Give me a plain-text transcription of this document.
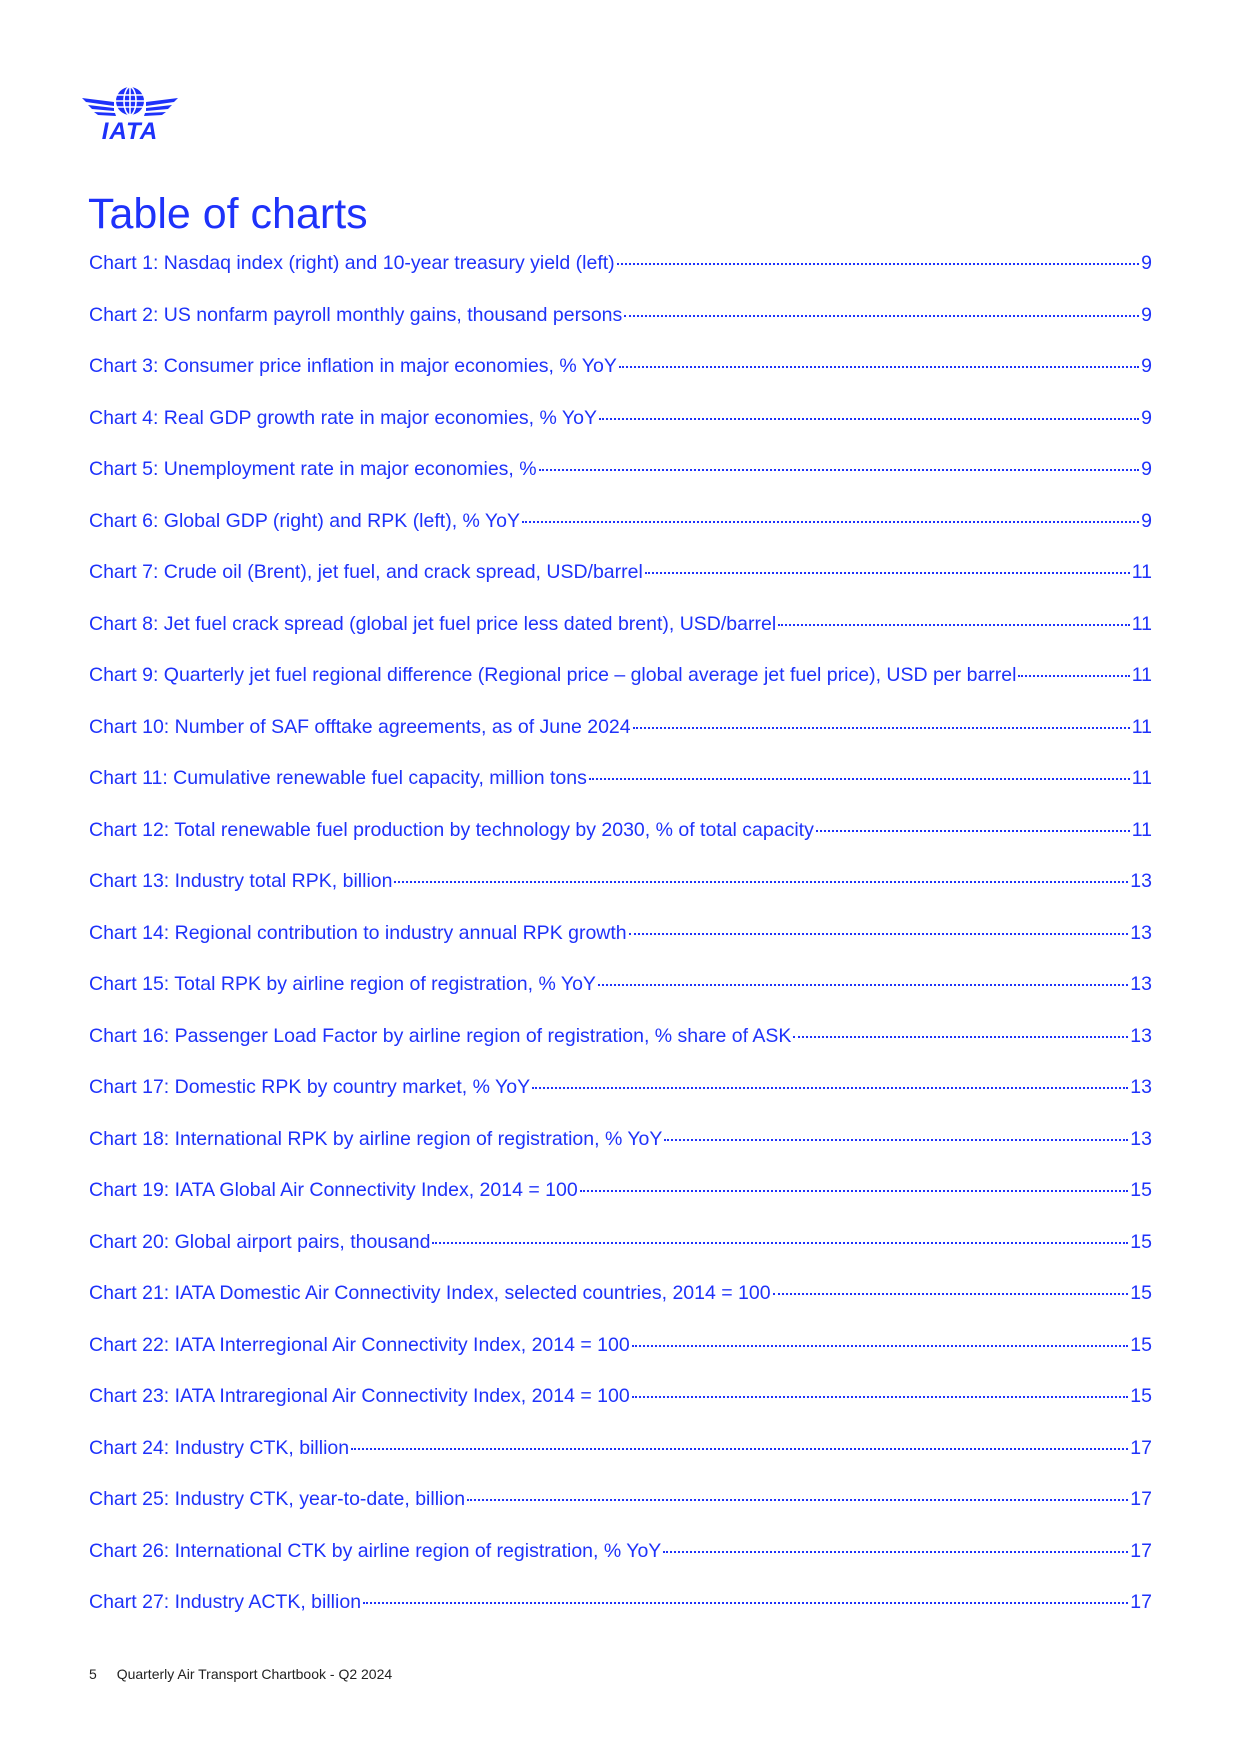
IATA
Table of charts
Chart 1: Nasdaq index (right) and 10-year treasury yield (left)	9
Chart 2: US nonfarm payroll monthly gains, thousand persons	9
Chart 3: Consumer price inflation in major economies, % YoY	9
Chart 4: Real GDP growth rate in major economies, % YoY	9
Chart 5: Unemployment rate in major economies, %	9
Chart 6: Global GDP (right) and RPK (left), % YoY	9
Chart 7: Crude oil (Brent), jet fuel, and crack spread, USD/barrel	11
Chart 8: Jet fuel crack spread (global jet fuel price less dated brent), USD/barrel	11
Chart 9: Quarterly jet fuel regional difference (Regional price – global average jet fuel price), USD per barrel	11
Chart 10: Number of SAF offtake agreements, as of June 2024	11
Chart 11: Cumulative renewable fuel capacity, million tons	11
Chart 12: Total renewable fuel production by technology by 2030, % of total capacity	11
Chart 13: Industry total RPK, billion	13
Chart 14: Regional contribution to industry annual RPK growth	13
Chart 15: Total RPK by airline region of registration, % YoY	13
Chart 16: Passenger Load Factor by airline region of registration, % share of ASK	13
Chart 17: Domestic RPK by country market, % YoY	13
Chart 18: International RPK by airline region of registration, % YoY	13
Chart 19: IATA Global Air Connectivity Index, 2014 = 100	15
Chart 20: Global airport pairs, thousand	15
Chart 21: IATA Domestic Air Connectivity Index, selected countries, 2014 = 100	15
Chart 22: IATA Interregional Air Connectivity Index, 2014 = 100	15
Chart 23: IATA Intraregional Air Connectivity Index, 2014 = 100	15
Chart 24: Industry CTK, billion	17
Chart 25: Industry CTK, year-to-date, billion	17
Chart 26: International CTK by airline region of registration, % YoY	17
Chart 27: Industry ACTK, billion	17
5 Quarterly Air Transport Chartbook - Q2 2024
